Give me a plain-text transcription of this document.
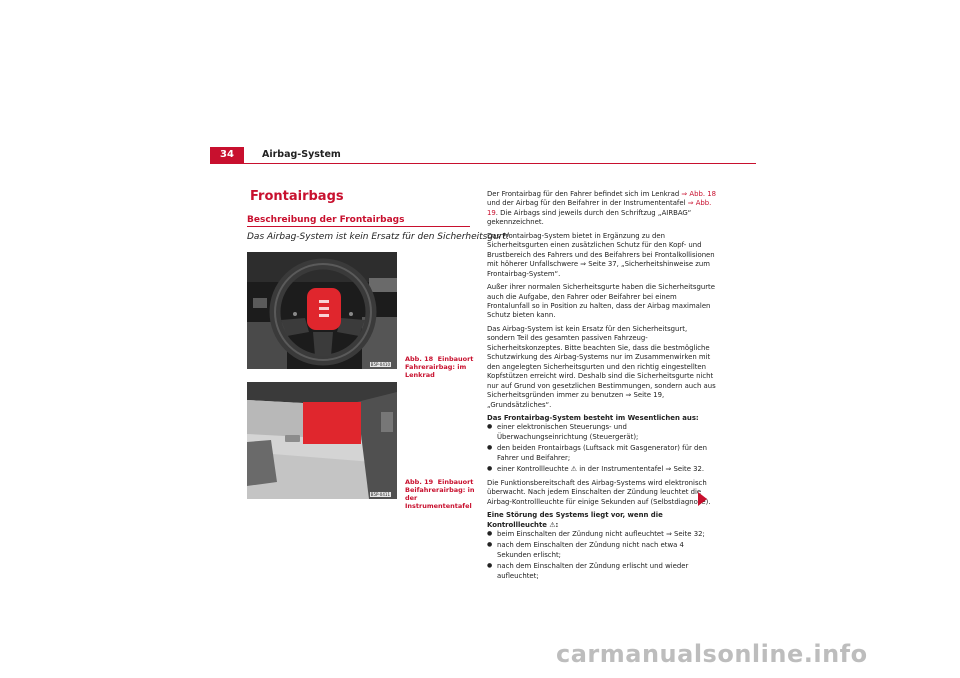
34	Airbag-System
Frontairbags
Beschreibung der Frontairbags
Das Airbag-System ist kein Ersatz für den Sicherheitsgurt!
B5P-0410
Abb. 18 Einbauort Fahrerairbag: im Lenkrad
B5P-0411
Abb. 19 Einbauort Beifahrerairbag: in der Instrumententafel

Der Frontairbag für den Fahrer befindet sich im Lenkrad ⇒ Abb. 18 und der Airbag für den Beifahrer in der Instrumententafel ⇒ Abb. 19. Die Airbags sind jeweils durch den Schriftzug „AIRBAG“ gekennzeichnet.

Das Frontairbag-System bietet in Ergänzung zu den Sicherheitsgurten einen zusätzlichen Schutz für den Kopf- und Brustbereich des Fahrers und des Beifahrers bei Frontalkollisionen mit höherer Unfallschwere ⇒ Seite 37, „Sicherheitshinweise zum Frontairbag-System“.

Außer ihrer normalen Sicherheitsgurte haben die Sicherheitsgurte auch die Aufgabe, den Fahrer oder Beifahrer bei einem Frontalunfall so in Position zu halten, dass der Airbag maximalen Schutz bieten kann.

Das Airbag-System ist kein Ersatz für den Sicherheitsgurt, sondern Teil des gesamten passiven Fahrzeug-Sicherheitskonzeptes. Bitte beachten Sie, dass die bestmögliche Schutzwirkung des Airbag-Systems nur im Zusammenwirken mit den angelegten Sicherheitsgurten und den richtig eingestellten Kopfstützen erreicht wird. Deshalb sind die Sicherheitsgurte nicht nur auf Grund von gesetzlichen Bestimmungen, sondern auch aus Sicherheitsgründen immer zu benutzen ⇒ Seite 19, „Grundsätzliches“.

Das Frontairbag-System besteht im Wesentlichen aus:

● einer elektronischen Steuerungs- und Überwachungseinrichtung (Steuergerät);
● den beiden Frontairbags (Luftsack mit Gasgenerator) für den Fahrer und Beifahrer;
● einer Kontrollleuchte ⚠ in der Instrumententafel ⇒ Seite 32.

Die Funktionsbereitschaft des Airbag-Systems wird elektronisch überwacht. Nach jedem Einschalten der Zündung leuchtet die Airbag-Kontrollleuchte für einige Sekunden auf (Selbstdiagnose).

Eine Störung des Systems liegt vor, wenn die Kontrollleuchte ⚠:

● beim Einschalten der Zündung nicht aufleuchtet ⇒ Seite 32;
● nach dem Einschalten der Zündung nicht nach etwa 4 Sekunden erlischt;
● nach dem Einschalten der Zündung erlischt und wieder aufleuchtet;
carmanualsonline.info
